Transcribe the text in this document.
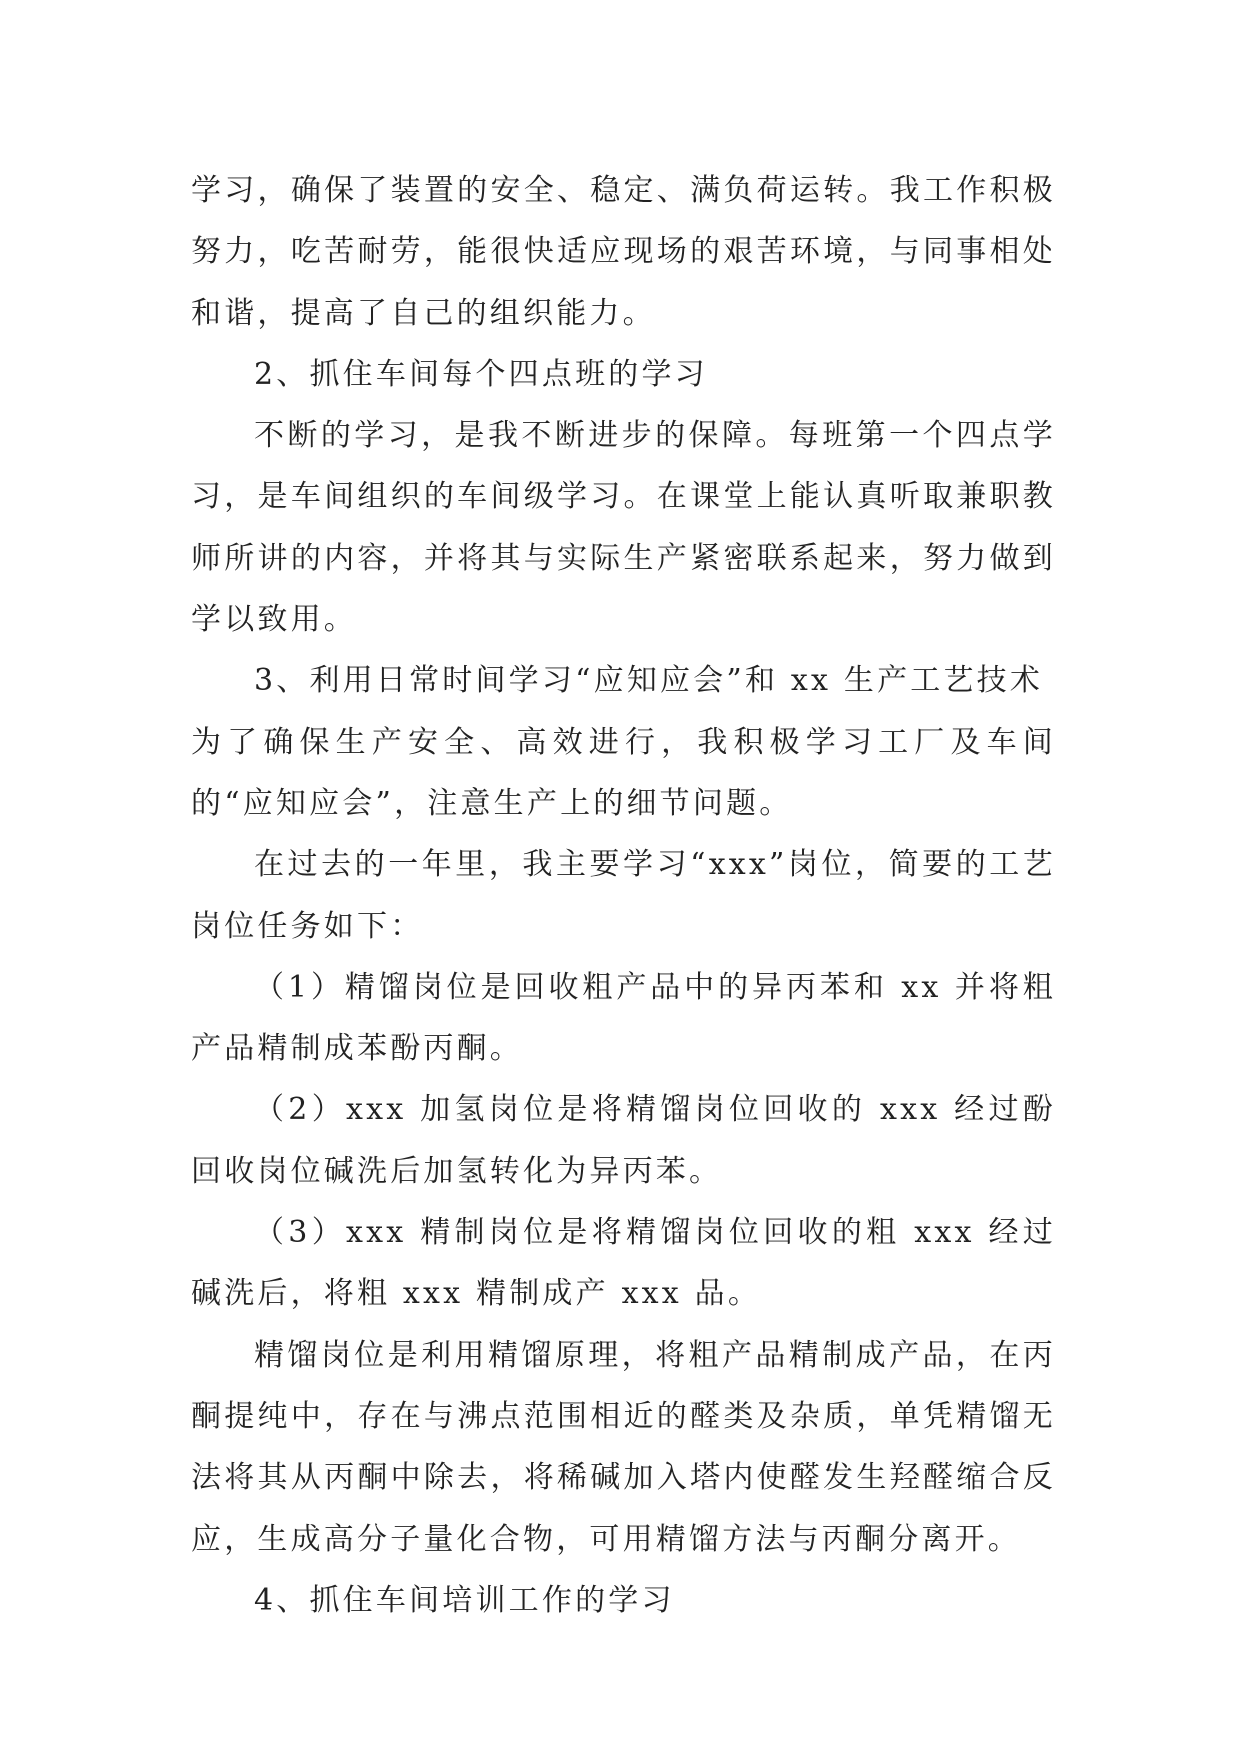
学习，确保了装置的安全、稳定、满负荷运转。我工作积极努力，吃苦耐劳，能很快适应现场的艰苦环境，与同事相处和谐，提高了自己的组织能力。

2、抓住车间每个四点班的学习

不断的学习，是我不断进步的保障。每班第一个四点学习，是车间组织的车间级学习。在课堂上能认真听取兼职教师所讲的内容，并将其与实际生产紧密联系起来，努力做到学以致用。

3、利用日常时间学习“应知应会”和 xx 生产工艺技术

为了确保生产安全、高效进行，我积极学习工厂及车间的“应知应会”，注意生产上的细节问题。

在过去的一年里，我主要学习“xxx”岗位，简要的工艺岗位任务如下：

（1）精馏岗位是回收粗产品中的异丙苯和 xx 并将粗产品精制成苯酚丙酮。

（2）xxx 加氢岗位是将精馏岗位回收的 xxx 经过酚回收岗位碱洗后加氢转化为异丙苯。

（3）xxx 精制岗位是将精馏岗位回收的粗 xxx 经过碱洗后，将粗 xxx 精制成产 xxx 品。

精馏岗位是利用精馏原理，将粗产品精制成产品，在丙酮提纯中，存在与沸点范围相近的醛类及杂质，单凭精馏无法将其从丙酮中除去，将稀碱加入塔内使醛发生羟醛缩合反应，生成高分子量化合物，可用精馏方法与丙酮分离开。

4、抓住车间培训工作的学习
